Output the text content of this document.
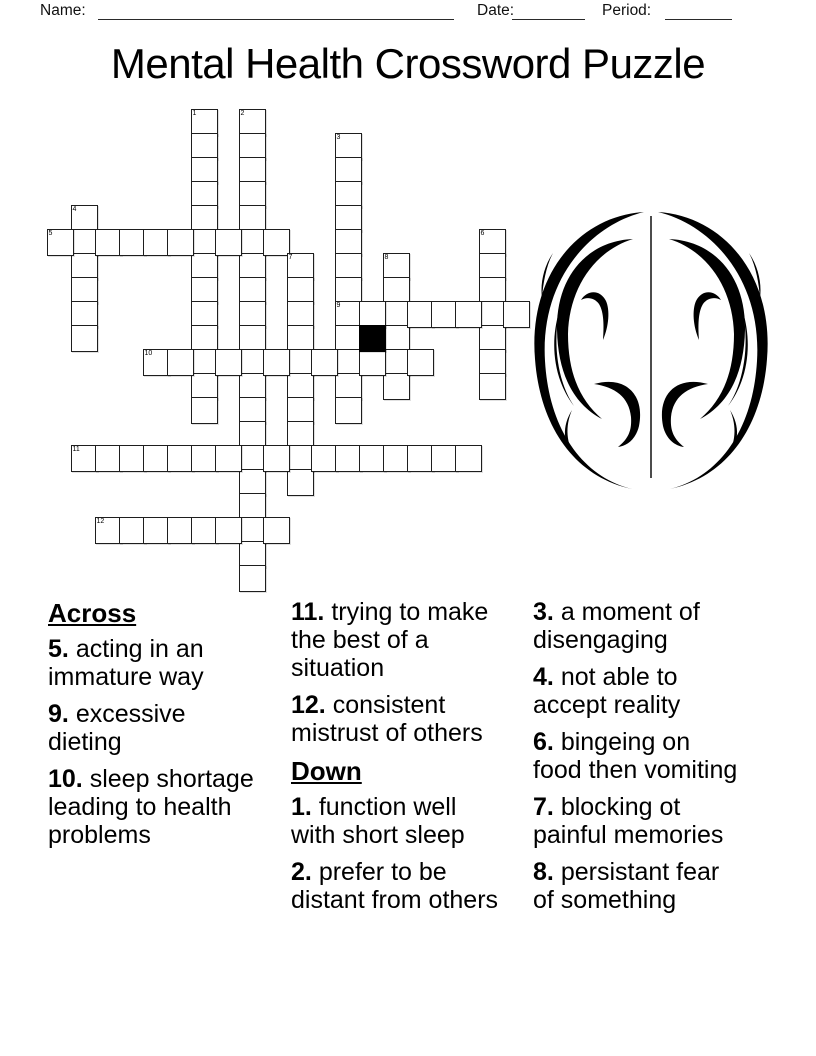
Name:	Date:	Period:
Mental Health Crossword Puzzle
1	2
3
9
4
5	6
7	8
10
11
12
Across

5. acting in an immature way

9. excessive dieting

10. sleep shortage leading to health problems

11. trying to make the best of a situation

12. consistent mistrust of others

Down

1. function well with short sleep

2. prefer to be distant from others

3. a moment of disengaging

4. not able to accept reality

6. bingeing on food then vomiting

7. blocking ot painful memories

8. persistant fear of something
